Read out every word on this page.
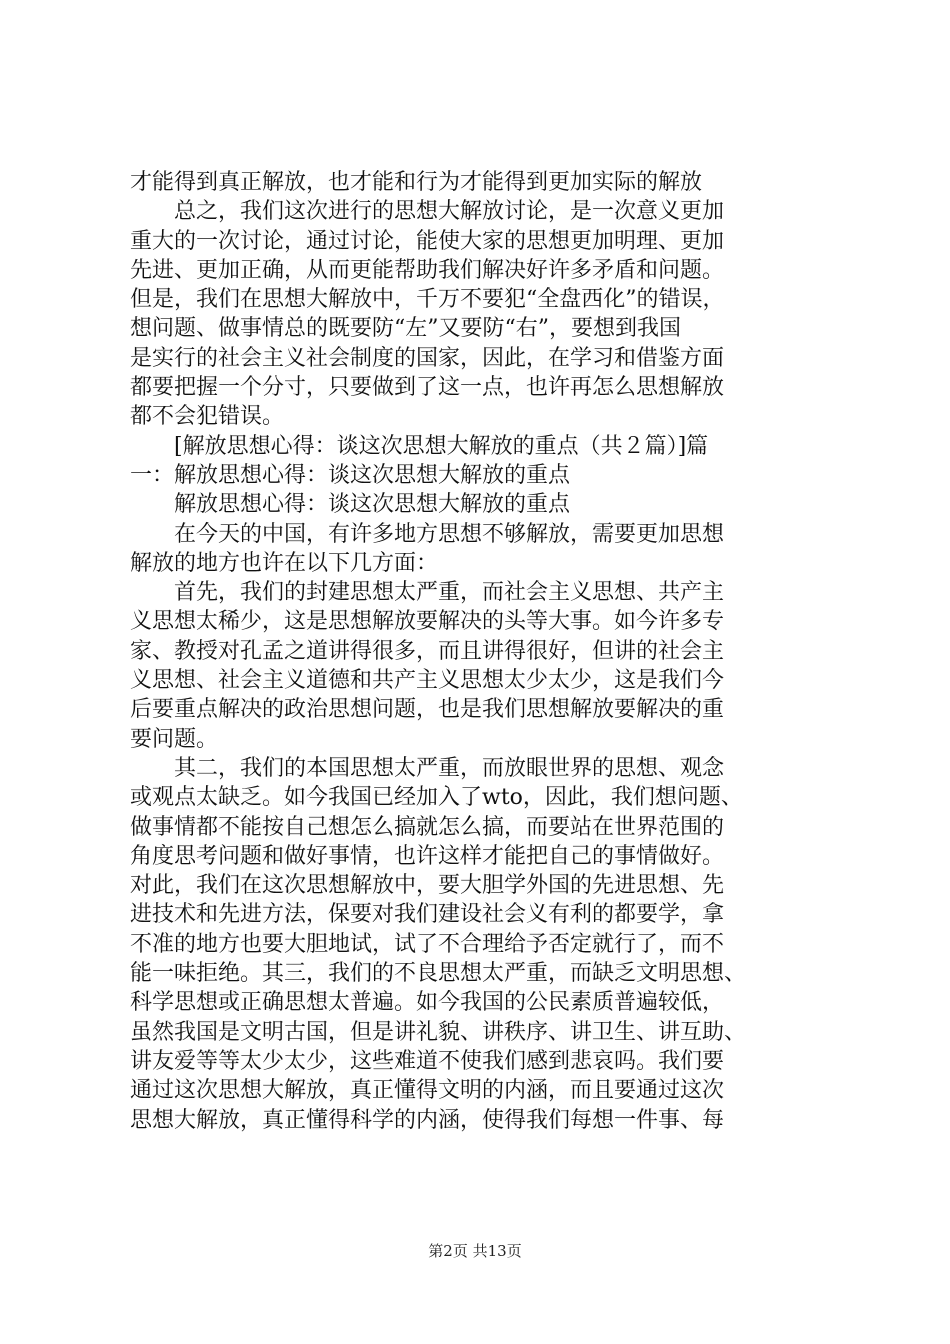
才能得到真正解放，也才能和行为才能得到更加实际的解放
总之，我们这次进行的思想大解放讨论，是一次意义更加
重大的一次讨论，通过讨论，能使大家的思想更加明理、更加
先进、更加正确，从而更能帮助我们解决好许多矛盾和问题。
但是，我们在思想大解放中，千万不要犯“全盘西化”的错误，
想问题、做事情总的既要防“左”又要防“右”，要想到我国
是实行的社会主义社会制度的国家，因此，在学习和借鉴方面
都要把握一个分寸，只要做到了这一点，也许再怎么思想解放
都不会犯错误。
[解放思想心得：谈这次思想大解放的重点（共２篇）]篇
一：解放思想心得：谈这次思想大解放的重点
解放思想心得：谈这次思想大解放的重点
在今天的中国，有许多地方思想不够解放，需要更加思想
解放的地方也许在以下几方面：
首先，我们的封建思想太严重，而社会主义思想、共产主
义思想太稀少，这是思想解放要解决的头等大事。如今许多专
家、教授对孔孟之道讲得很多，而且讲得很好，但讲的社会主
义思想、社会主义道德和共产主义思想太少太少，这是我们今
后要重点解决的政治思想问题，也是我们思想解放要解决的重
要问题。
其二，我们的本国思想太严重，而放眼世界的思想、观念
或观点太缺乏。如今我国已经加入了wto，因此，我们想问题、
做事情都不能按自己想怎么搞就怎么搞，而要站在世界范围的
角度思考问题和做好事情，也许这样才能把自己的事情做好。
对此，我们在这次思想解放中，要大胆学外国的先进思想、先
进技术和先进方法，保要对我们建设社会义有利的都要学，拿
不准的地方也要大胆地试，试了不合理给予否定就行了，而不
能一味拒绝。其三，我们的不良思想太严重，而缺乏文明思想、
科学思想或正确思想太普遍。如今我国的公民素质普遍较低，
虽然我国是文明古国，但是讲礼貌、讲秩序、讲卫生、讲互助、
讲友爱等等太少太少，这些难道不使我们感到悲哀吗。我们要
通过这次思想大解放，真正懂得文明的内涵，而且要通过这次
思想大解放，真正懂得科学的内涵，使得我们每想一件事、每
第2页 共13页
